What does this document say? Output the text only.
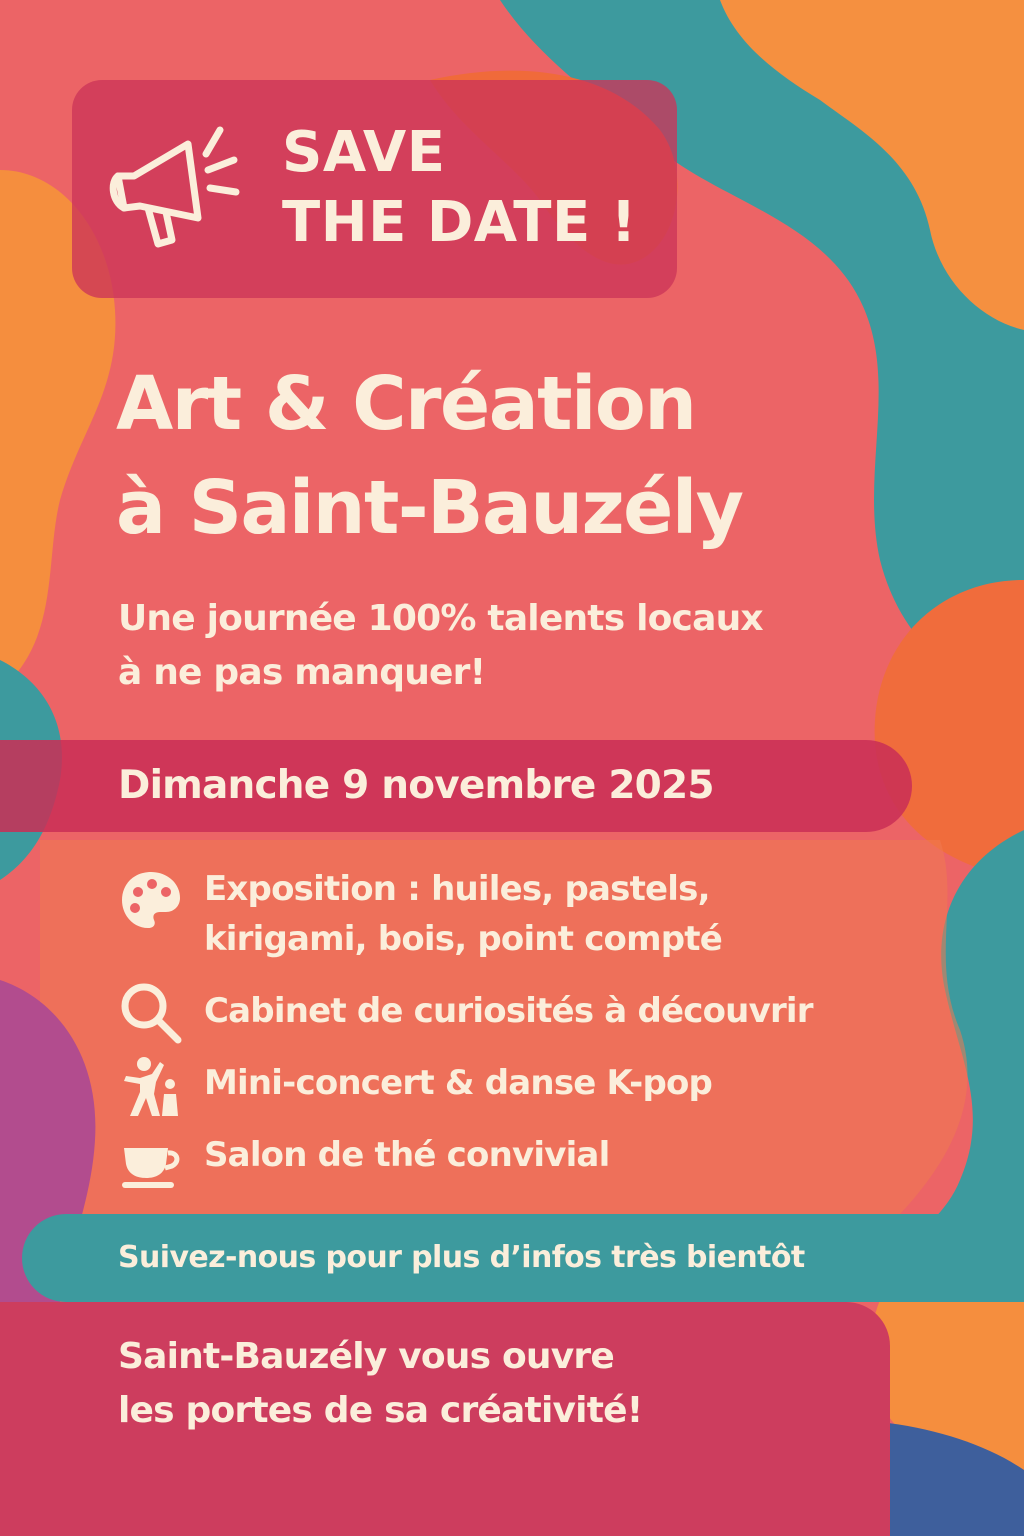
SAVE
THE DATE !
Art & Création
à Saint-Bauzély
Une journée 100% talents locaux
à ne pas manquer!
Dimanche 9 novembre 2025
Exposition : huiles, pastels,
kirigami, bois, point compté
Cabinet de curiosités à découvrir
Mini-concert & danse K-pop
Salon de thé convivial
Suivez-nous pour plus d’infos très bientôt
Saint-Bauzély vous ouvre
les portes de sa créativité!
